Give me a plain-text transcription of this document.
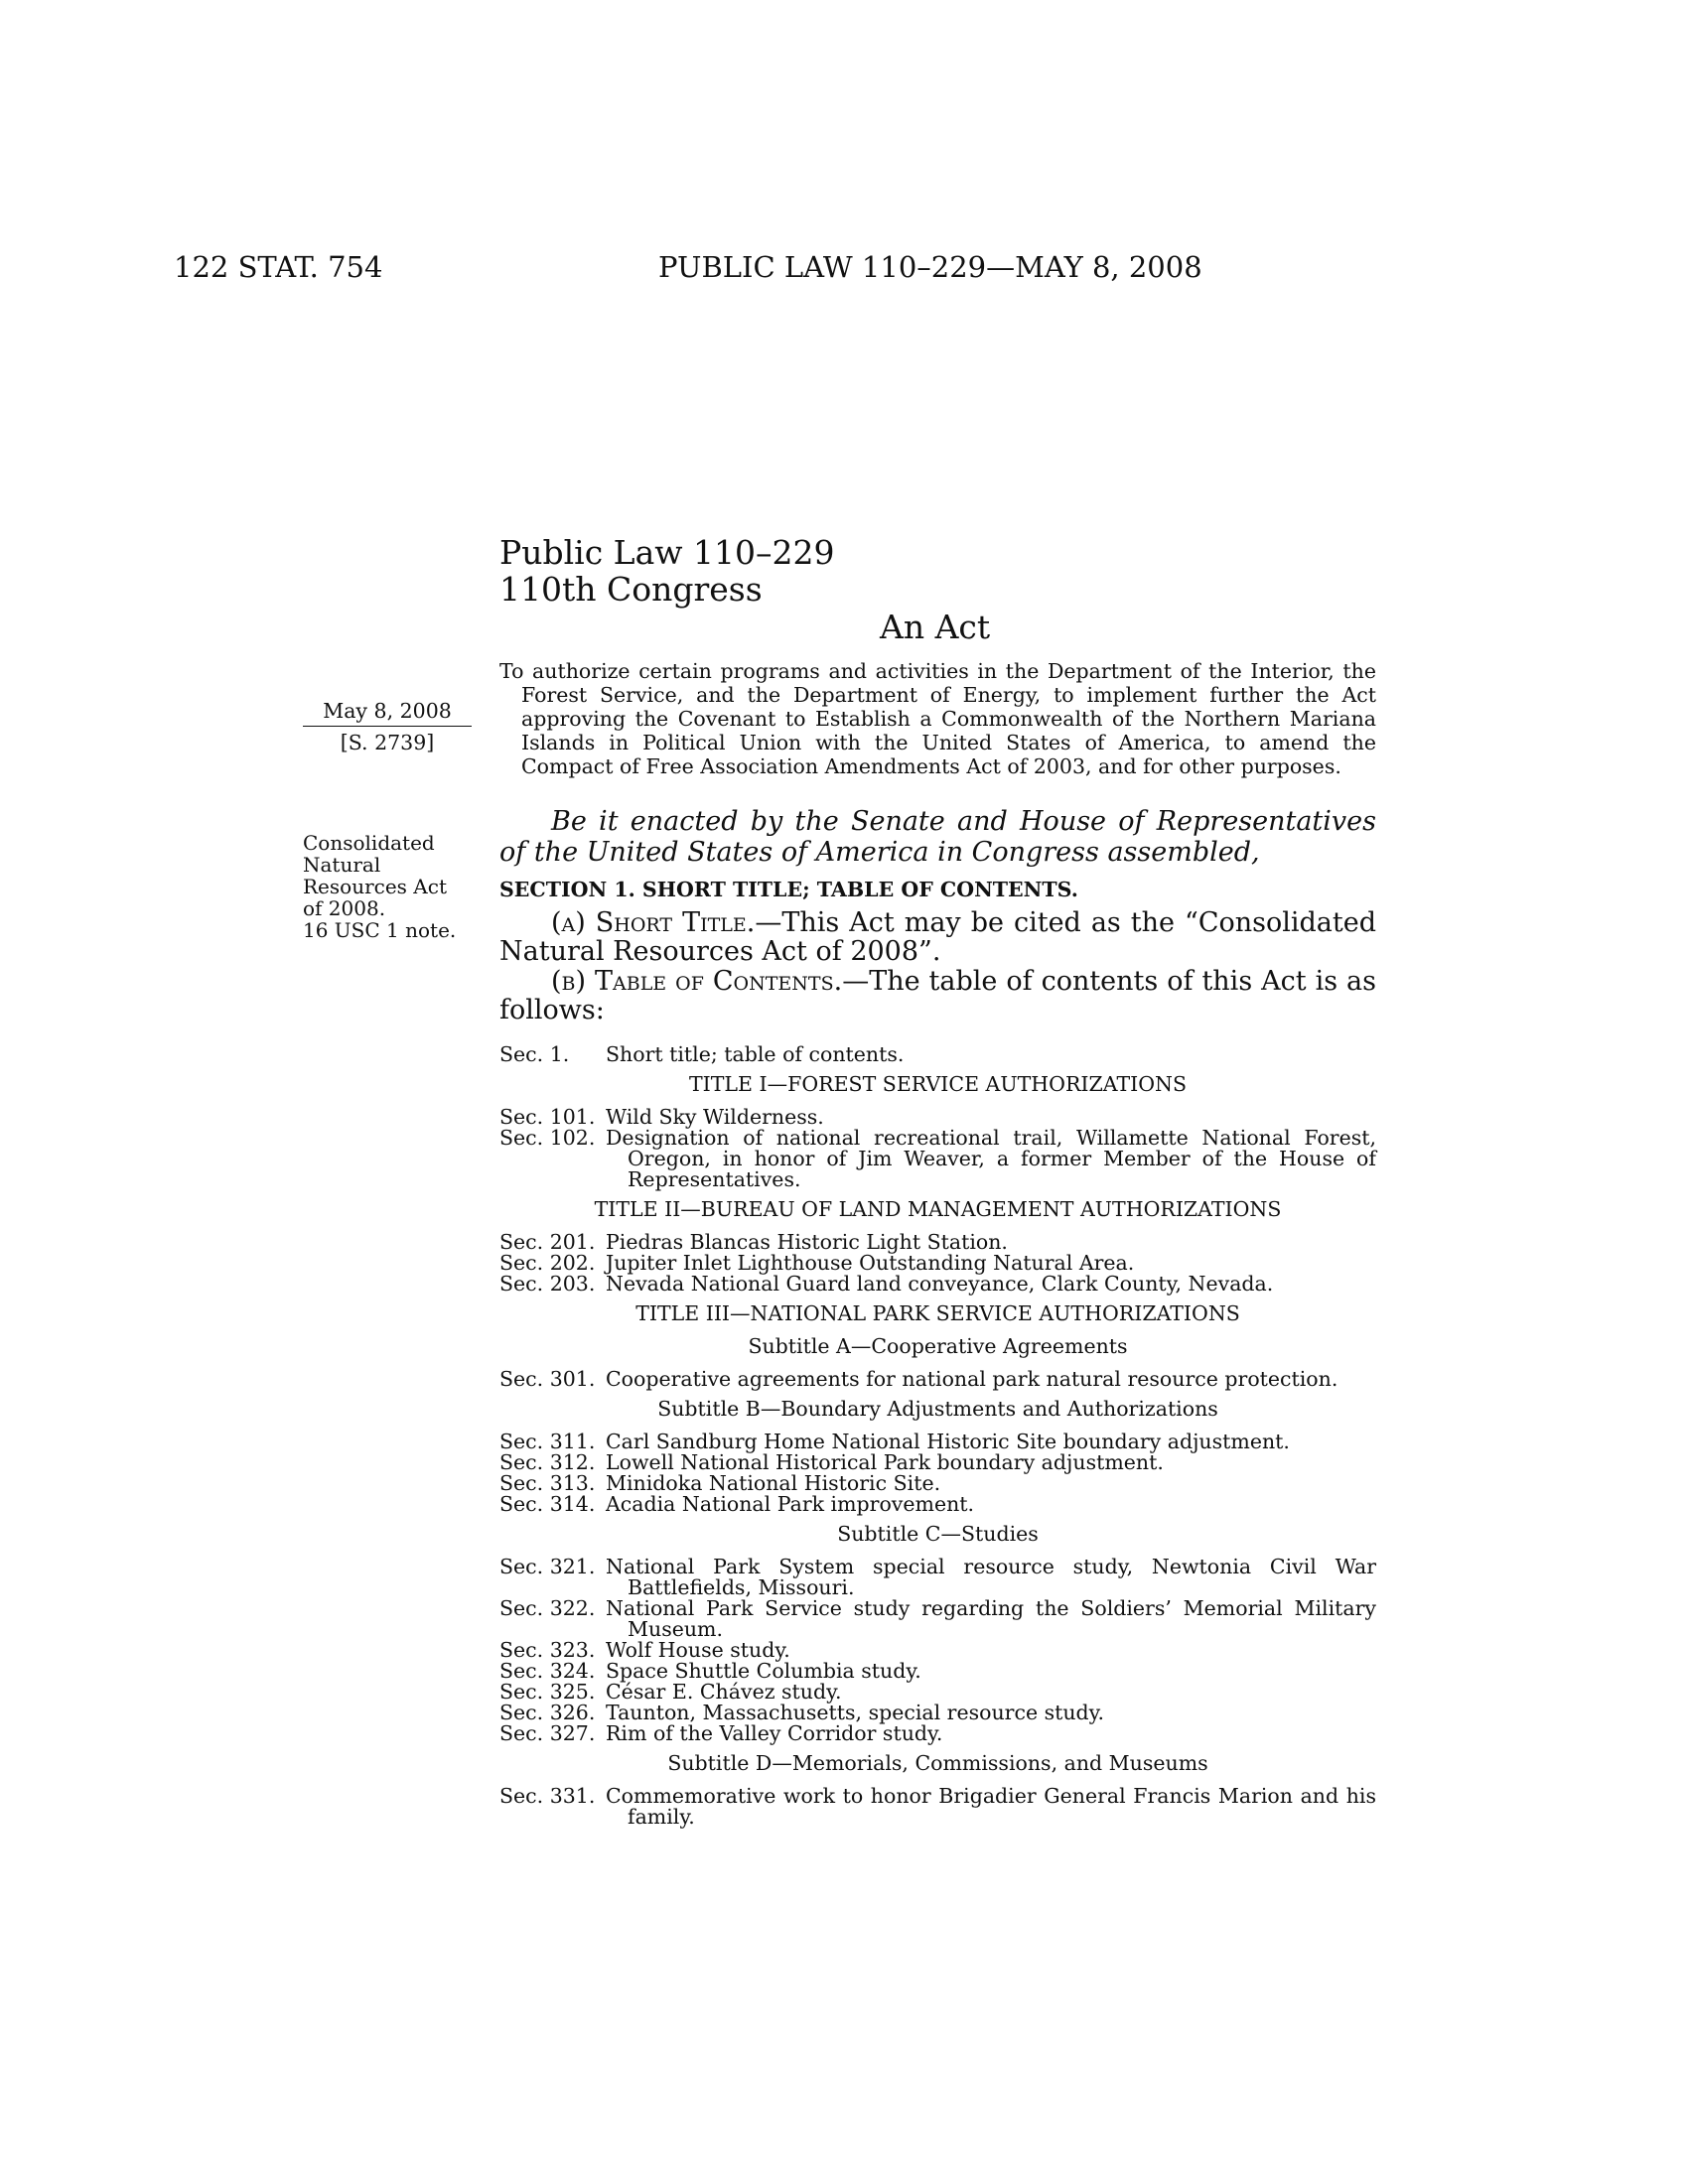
122 STAT. 754	PUBLIC LAW 110–229—MAY 8, 2008
Public Law 110–229
110th Congress
An Act

To authorize certain programs and activities in the Department of the Interior, the Forest Service, and the Department of Energy, to implement further the Act approving the Covenant to Establish a Commonwealth of the Northern Mariana Islands in Political Union with the United States of America, to amend the Compact of Free Association Amendments Act of 2003, and for other purposes.

May 8, 2008
[S. 2739]
Consolidated
Natural
Resources Act
of 2008.
16 USC 1 note.

Be it enacted by the Senate and House of Representatives of the United States of America in Congress assembled,

SECTION 1. SHORT TITLE; TABLE OF CONTENTS.

(a) Short Title.—This Act may be cited as the “Consolidated Natural Resources Act of 2008”.

(b) Table of Contents.—The table of contents of this Act is as follows:

Sec. 1.	Short title; table of contents.
TITLE I—FOREST SERVICE AUTHORIZATIONS
Sec. 101. Wild Sky Wilderness.
Sec. 102. Designation of national recreational trail, Willamette National Forest, Oregon, in honor of Jim Weaver, a former Member of the House of Representatives.
TITLE II—BUREAU OF LAND MANAGEMENT AUTHORIZATIONS
Sec. 201. Piedras Blancas Historic Light Station.
Sec. 202. Jupiter Inlet Lighthouse Outstanding Natural Area.
Sec. 203. Nevada National Guard land conveyance, Clark County, Nevada.
TITLE III—NATIONAL PARK SERVICE AUTHORIZATIONS
Subtitle A—Cooperative Agreements
Sec. 301. Cooperative agreements for national park natural resource protection.
Subtitle B—Boundary Adjustments and Authorizations
Sec. 311. Carl Sandburg Home National Historic Site boundary adjustment.
Sec. 312. Lowell National Historical Park boundary adjustment.
Sec. 313. Minidoka National Historic Site.
Sec. 314. Acadia National Park improvement.
Subtitle C—Studies
Sec. 321. National Park System special resource study, Newtonia Civil War Battlefields, Missouri.
Sec. 322. National Park Service study regarding the Soldiers’ Memorial Military Museum.
Sec. 323. Wolf House study.
Sec. 324. Space Shuttle Columbia study.
Sec. 325. César E. Chávez study.
Sec. 326. Taunton, Massachusetts, special resource study.
Sec. 327. Rim of the Valley Corridor study.
Subtitle D—Memorials, Commissions, and Museums
Sec. 331. Commemorative work to honor Brigadier General Francis Marion and his family.
